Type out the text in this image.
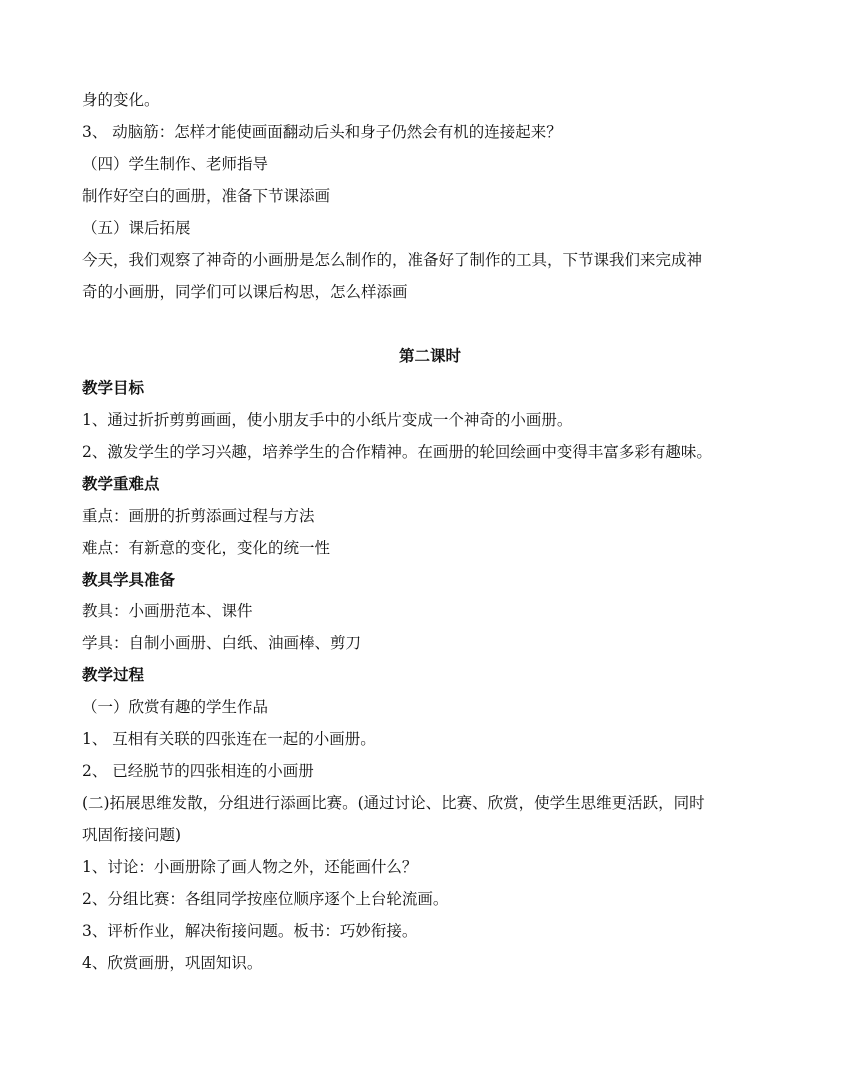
身的变化。
3、 动脑筋：怎样才能使画面翻动后头和身子仍然会有机的连接起来？
（四）学生制作、老师指导
制作好空白的画册，准备下节课添画
（五）课后拓展
今天，我们观察了神奇的小画册是怎么制作的，准备好了制作的工具，下节课我们来完成神
奇的小画册，同学们可以课后构思，怎么样添画
第二课时
教学目标
1、通过折折剪剪画画，使小朋友手中的小纸片变成一个神奇的小画册。
2、激发学生的学习兴趣，培养学生的合作精神。在画册的轮回绘画中变得丰富多彩有趣味。
教学重难点
重点：画册的折剪添画过程与方法
难点：有新意的变化，变化的统一性
教具学具准备
教具：小画册范本、课件
学具：自制小画册、白纸、油画棒、剪刀
教学过程
（一）欣赏有趣的学生作品
1、 互相有关联的四张连在一起的小画册。
2、 已经脱节的四张相连的小画册
(二)拓展思维发散，分组进行添画比赛。(通过讨论、比赛、欣赏，使学生思维更活跃，同时
巩固衔接问题)
1、讨论：小画册除了画人物之外，还能画什么？
2、分组比赛：各组同学按座位顺序逐个上台轮流画。
3、评析作业，解决衔接问题。板书：巧妙衔接。
4、欣赏画册，巩固知识。
